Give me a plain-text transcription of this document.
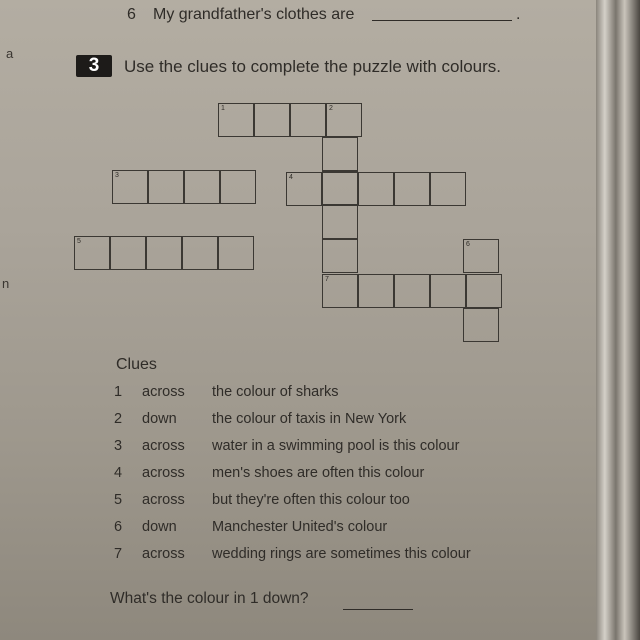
6 My grandfather's clothes are	.
a
n
3	Use the clues to complete the puzzle with colours.
1	2
3	4
5	6
7
Clues
1 across the colour of sharks
2 down the colour of taxis in New York
3 across water in a swimming pool is this colour
4 across men's shoes are often this colour
5 across but they're often this colour too
6 down Manchester United's colour
7 across wedding rings are sometimes this colour
What's the colour in 1 down?
